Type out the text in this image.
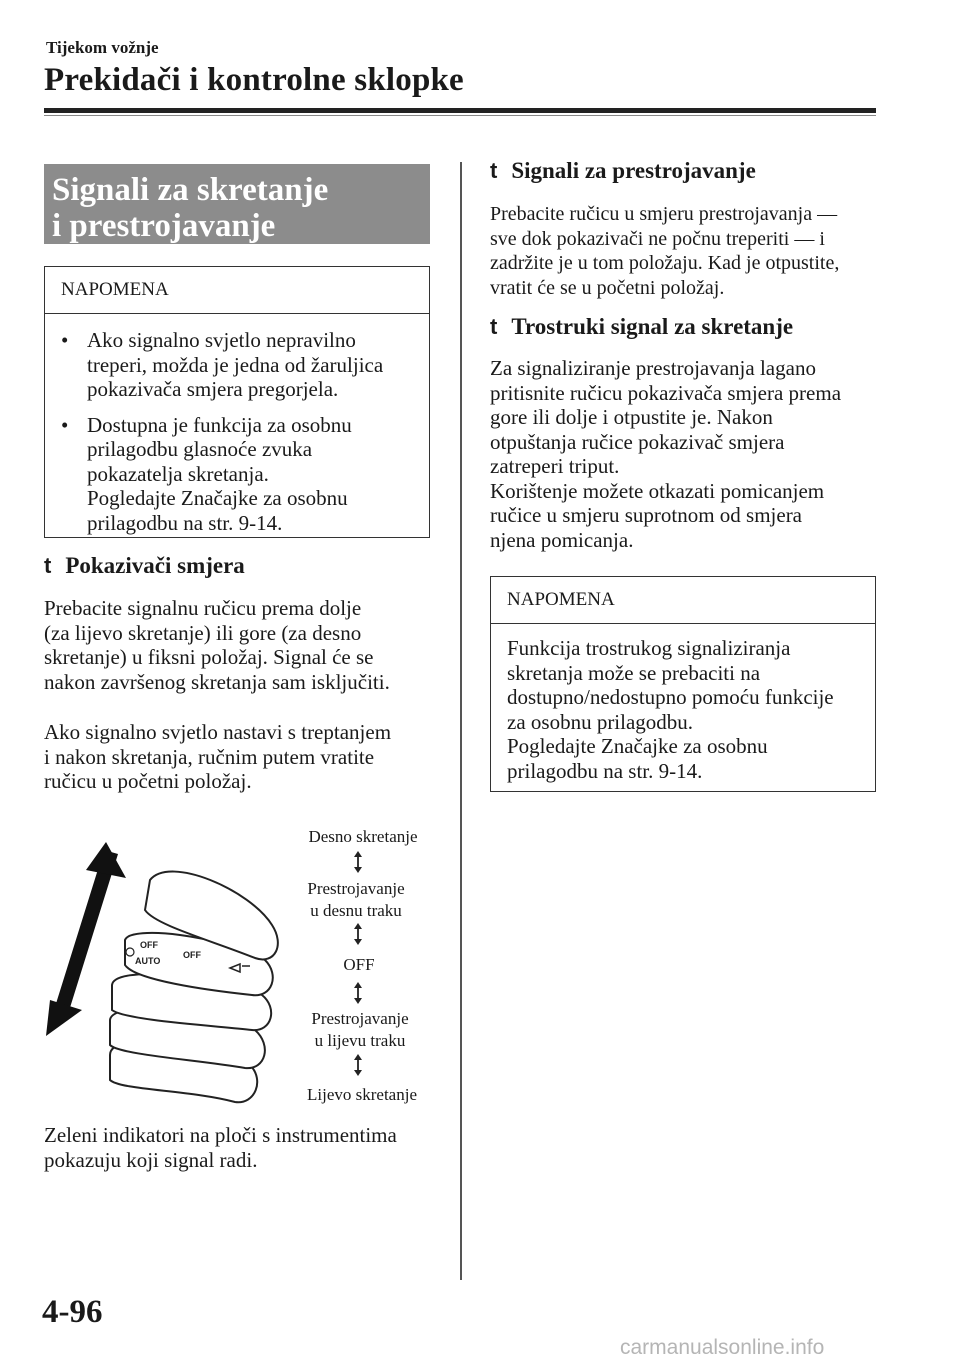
Tijekom vožnje
Prekidači i kontrolne sklopke
Signali za skretanje
i prestrojavanje
NAPOMENA
• Ako signalno svjetlo nepravilno
treperi, možda je jedna od žaruljica
pokazivača smjera pregorjela.
• Dostupna je funkcija za osobnu
prilagodbu glasnoće zvuka
pokazatelja skretanja.
Pogledajte Značajke za osobnu
prilagodbu na str. 9-14.
t Pokazivači smjera
Prebacite signalnu ručicu prema dolje
(za lijevo skretanje) ili gore (za desno
skretanje) u fiksni položaj. Signal će se
nakon završenog skretanja sam isključiti.
Ako signalno svjetlo nastavi s treptanjem
i nakon skretanja, ručnim putem vratite
ručicu u početni položaj.
OFF
AUTO
OFF
Desno skretanje
Prestrojavanje
u desnu traku
OFF
Prestrojavanje
u lijevu traku
Lijevo skretanje
Zeleni indikatori na ploči s instrumentima
pokazuju koji signal radi.
t Signali za prestrojavanje
Prebacite ručicu u smjeru prestrojavanja —
sve dok pokazivači ne počnu treperiti — i
zadržite je u tom položaju. Kad je otpustite,
vratit će se u početni položaj.
t Trostruki signal za skretanje
Za signaliziranje prestrojavanja lagano
pritisnite ručicu pokazivača smjera prema
gore ili dolje i otpustite je. Nakon
otpuštanja ručice pokazivač smjera
zatreperi triput.
Korištenje možete otkazati pomicanjem
ručice u smjeru suprotnom od smjera
njena pomicanja.
NAPOMENA
Funkcija trostrukog signaliziranja
skretanja može se prebaciti na
dostupno/nedostupno pomoću funkcije
za osobnu prilagodbu.
Pogledajte Značajke za osobnu
prilagodbu na str. 9-14.
4-96
carmanualsonline.info
